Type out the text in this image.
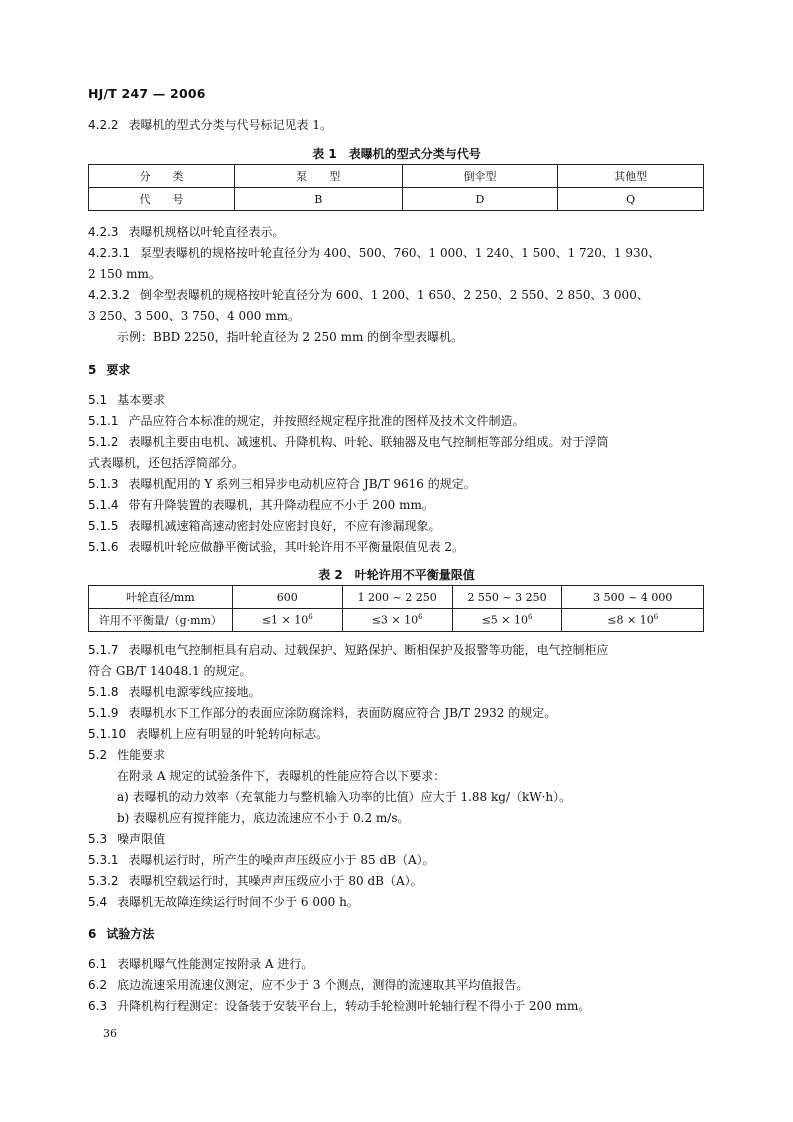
HJ/T 247 — 2006
4.2.2 表曝机的型式分类与代号标记见表 1。
表 1　表曝机的型式分类与代号
分　　类	泵　　型	倒伞型	其他型
代　　号	B	D	Q
4.2.3 表曝机规格以叶轮直径表示。
4.2.3.1 泵型表曝机的规格按叶轮直径分为 400、500、760、1 000、1 240、1 500、1 720、1 930、
2 150 mm。
4.2.3.2 倒伞型表曝机的规格按叶轮直径分为 600、1 200、1 650、2 250、2 550、2 850、3 000、
3 250、3 500、3 750、4 000 mm。
示例：BBD 2250，指叶轮直径为 2 250 mm 的倒伞型表曝机。
5 要求
5.1 基本要求
5.1.1 产品应符合本标准的规定，并按照经规定程序批准的图样及技术文件制造。
5.1.2 表曝机主要由电机、减速机、升降机构、叶轮、联轴器及电气控制柜等部分组成。对于浮筒
式表曝机，还包括浮筒部分。
5.1.3 表曝机配用的 Y 系列三相异步电动机应符合 JB/T 9616 的规定。
5.1.4 带有升降装置的表曝机，其升降动程应不小于 200 mm。
5.1.5 表曝机减速箱高速动密封处应密封良好，不应有渗漏现象。
5.1.6 表曝机叶轮应做静平衡试验，其叶轮许用不平衡量限值见表 2。
表 2　叶轮许用不平衡量限值
叶轮直径/mm	600	1 200 ~ 2 250	2 550 ~ 3 250	3 500 ~ 4 000
许用不平衡量/（g·mm）	$\le 1 \times 10^6$	$\le 3 \times 10^6$	$\le 5 \times 10^6$	$\le 8 \times 10^6$
5.1.7 表曝机电气控制柜具有启动、过载保护、短路保护、断相保护及报警等功能，电气控制柜应
符合 GB/T 14048.1 的规定。
5.1.8 表曝机电源零线应接地。
5.1.9 表曝机水下工作部分的表面应涂防腐涂料，表面防腐应符合 JB/T 2932 的规定。
5.1.10 表曝机上应有明显的叶轮转向标志。
5.2 性能要求
在附录 A 规定的试验条件下，表曝机的性能应符合以下要求：
a) 表曝机的动力效率（充氧能力与整机输入功率的比值）应大于 1.88 kg/（kW·h）。
b) 表曝机应有搅拌能力，底边流速应不小于 0.2 m/s。
5.3 噪声限值
5.3.1 表曝机运行时，所产生的噪声声压级应小于 85 dB（A）。
5.3.2 表曝机空载运行时，其噪声声压级应小于 80 dB（A）。
5.4 表曝机无故障连续运行时间不少于 6 000 h。
6 试验方法
6.1 表曝机曝气性能测定按附录 A 进行。
6.2 底边流速采用流速仪测定，应不少于 3 个测点，测得的流速取其平均值报告。
6.3 升降机构行程测定：设备装于安装平台上，转动手轮检测叶轮轴行程不得小于 200 mm。
36
